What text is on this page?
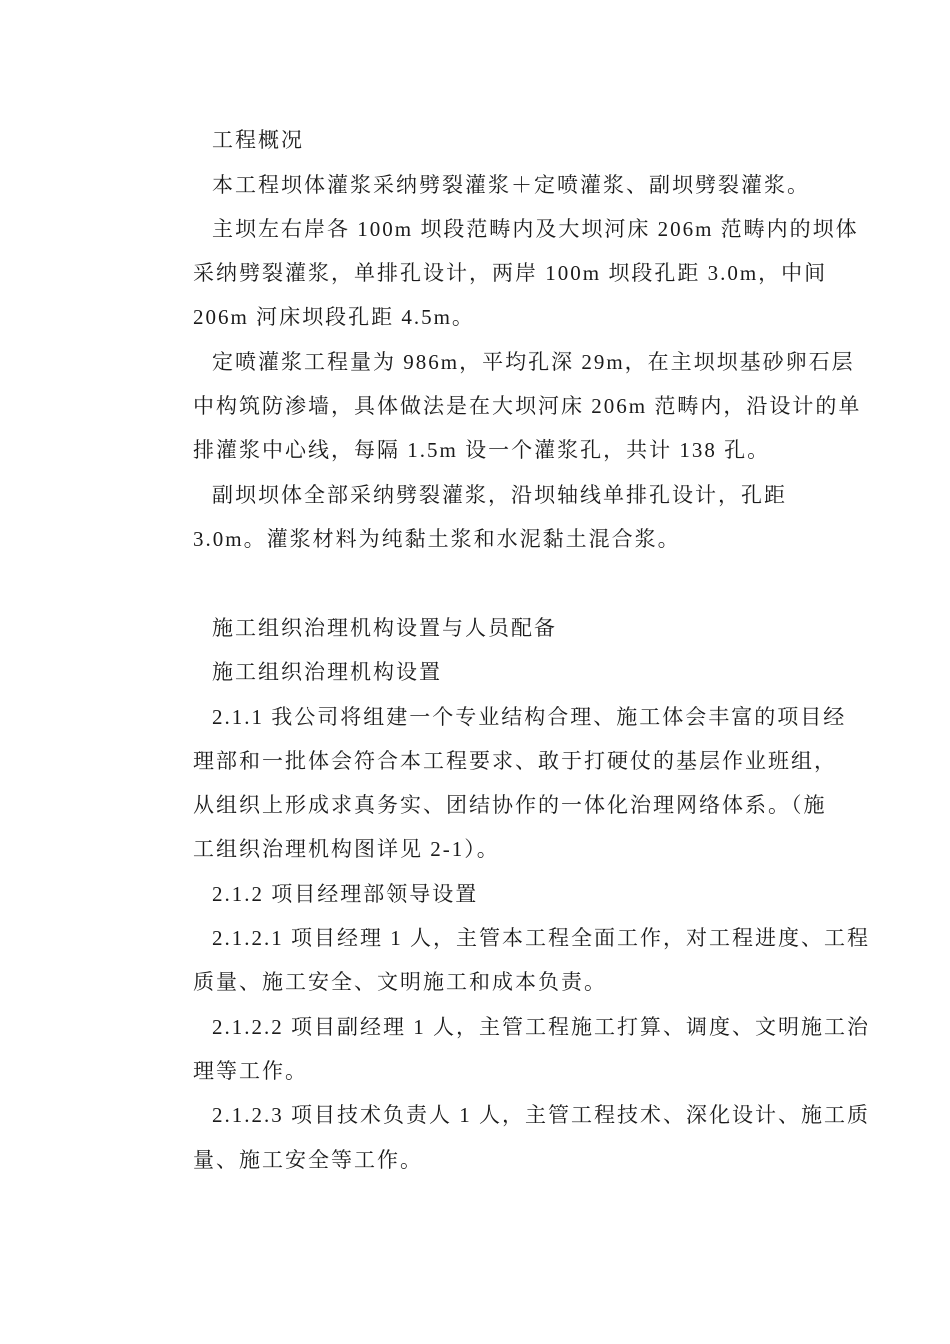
工程概况

本工程坝体灌浆采纳劈裂灌浆＋定喷灌浆、副坝劈裂灌浆。

主坝左右岸各 100m 坝段范畴内及大坝河床 206m 范畴内的坝体

采纳劈裂灌浆，单排孔设计，两岸 100m 坝段孔距 3.0m，中间

206m 河床坝段孔距 4.5m。

定喷灌浆工程量为 986m，平均孔深 29m，在主坝坝基砂卵石层

中构筑防渗墙，具体做法是在大坝河床 206m 范畴内，沿设计的单

排灌浆中心线，每隔 1.5m 设一个灌浆孔，共计 138 孔。

副坝坝体全部采纳劈裂灌浆，沿坝轴线单排孔设计，孔距

3.0m。灌浆材料为纯黏土浆和水泥黏土混合浆。

施工组织治理机构设置与人员配备

施工组织治理机构设置

2.1.1 我公司将组建一个专业结构合理、施工体会丰富的项目经

理部和一批体会符合本工程要求、敢于打硬仗的基层作业班组，

从组织上形成求真务实、团结协作的一体化治理网络体系。（施

工组织治理机构图详见 2-1）。

2.1.2 项目经理部领导设置

2.1.2.1 项目经理 1 人，主管本工程全面工作，对工程进度、工程

质量、施工安全、文明施工和成本负责。

2.1.2.2 项目副经理 1 人，主管工程施工打算、调度、文明施工治

理等工作。

2.1.2.3 项目技术负责人 1 人，主管工程技术、深化设计、施工质

量、施工安全等工作。
